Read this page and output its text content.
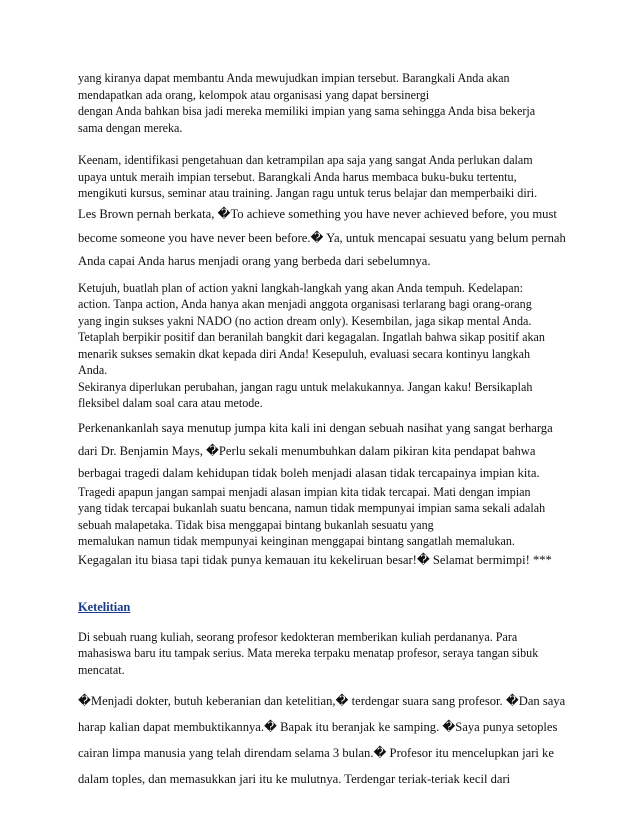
yang kiranya dapat membantu Anda mewujudkan impian tersebut. Barangkali Anda akan
mendapatkan ada orang, kelompok atau organisasi yang dapat bersinergi
dengan Anda bahkan bisa jadi mereka memiliki impian yang sama sehingga Anda bisa bekerja
sama dengan mereka.
Keenam, identifikasi pengetahuan dan ketrampilan apa saja yang sangat Anda perlukan dalam
upaya untuk meraih impian tersebut. Barangkali Anda harus membaca buku-buku tertentu,
mengikuti kursus, seminar atau training. Jangan ragu untuk terus belajar dan memperbaiki diri.
Les Brown pernah berkata, �To achieve something you have never achieved before, you must
become someone you have never been before.� Ya, untuk mencapai sesuatu yang belum pernah
Anda capai Anda harus menjadi orang yang berbeda dari sebelumnya.
Ketujuh, buatlah plan of action yakni langkah-langkah yang akan Anda tempuh. Kedelapan:
action. Tanpa action, Anda hanya akan menjadi anggota organisasi terlarang bagi orang-orang
yang ingin sukses yakni NADO (no action dream only). Kesembilan, jaga sikap mental Anda.
Tetaplah berpikir positif dan beranilah bangkit dari kegagalan. Ingatlah bahwa sikap positif akan
menarik sukses semakin dkat kepada diri Anda! Kesepuluh, evaluasi secara kontinyu langkah
Anda.
Sekiranya diperlukan perubahan, jangan ragu untuk melakukannya. Jangan kaku! Bersikaplah
fleksibel dalam soal cara atau metode.
Perkenankanlah saya menutup jumpa kita kali ini dengan sebuah nasihat yang sangat berharga
dari Dr. Benjamin Mays, �Perlu sekali menumbuhkan dalam pikiran kita pendapat bahwa
berbagai tragedi dalam kehidupan tidak boleh menjadi alasan tidak tercapainya impian kita.
Tragedi apapun jangan sampai menjadi alasan impian kita tidak tercapai. Mati dengan impian
yang tidak tercapai bukanlah suatu bencana, namun tidak mempunyai impian sama sekali adalah
sebuah malapetaka. Tidak bisa menggapai bintang bukanlah sesuatu yang
memalukan namun tidak mempunyai keinginan menggapai bintang sangatlah memalukan.
Kegagalan itu biasa tapi tidak punya kemauan itu kekeliruan besar!� Selamat bermimpi! ***
Ketelitian
Di sebuah ruang kuliah, seorang profesor kedokteran memberikan kuliah perdananya. Para
mahasiswa baru itu tampak serius. Mata mereka terpaku menatap profesor, seraya tangan sibuk
mencatat.
�Menjadi dokter, butuh keberanian dan ketelitian,� terdengar suara sang profesor. �Dan saya
harap kalian dapat membuktikannya.� Bapak itu beranjak ke samping. �Saya punya setoples
cairan limpa manusia yang telah direndam selama 3 bulan.� Profesor itu mencelupkan jari ke
dalam toples, dan memasukkan jari itu ke mulutnya. Terdengar teriak-teriak kecil dari
